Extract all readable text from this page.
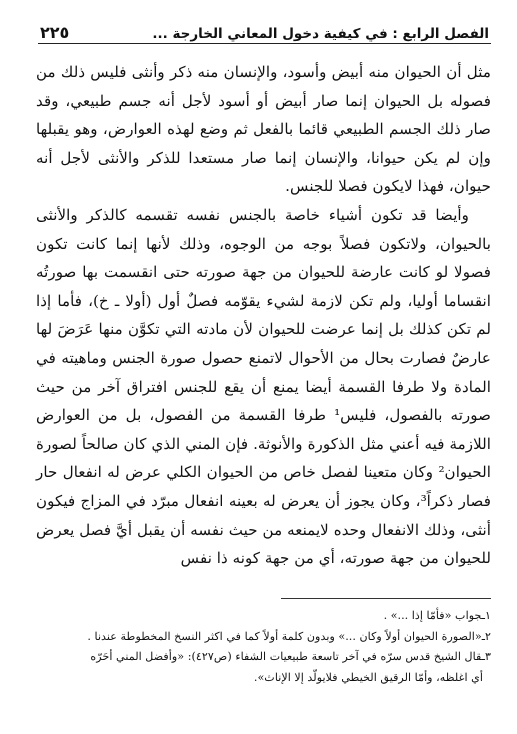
الفصل الرابع : في كيفية دخول المعاني الخارجة ...
٢٢٥

مثل أن الحيوان منه أبيض وأسود، والإنسان منه ذكر وأنثى فليس ذلك من فصوله بل الحيوان إنما صار أبيض أو أسود لأجل أنه جسم طبيعي، وقد صار ذلك الجسم الطبيعي قائما بالفعل ثم وضع لهذه العوارض، وهو يقبلها وإن لم يكن حيوانا، والإنسان إنما صار مستعدا للذكر والأنثى لأجل أنه حيوان، فهذا لايكون فصلا للجنس.

وأيضا قد تكون أشياء خاصة بالجنس نفسه تقسمه كالذكر والأنثى بالحيوان، ولاتكون فصلاً بوجه من الوجوه، وذلك لأنها إنما كانت تكون فصولا لو كانت عارضة للحيوان من جهة صورته حتى انقسمت بها صورتُه انقساما أوليا، ولم تكن لازمة لشيء يقوّمه فصلٌ أول (أولا ـ خ)، فأما إذا لم تكن كذلك بل إنما عرضت للحيوان لأن مادته التي تكوَّن منها عَرَضَ لها عارضٌ فصارت بحال من الأحوال لاتمنع حصول صورة الجنس وماهيته في المادة ولا طرفا القسمة أيضا يمنع أن يقع للجنس افتراق آخر من حيث صورته بالفصول، فليس¹ طرفا القسمة من الفصول، بل من العوارض اللازمة فيه أعني مثل الذكورة والأنوثة. فإن المني الذي كان صالحاً لصورة الحيوان² وكان متعينا لفصل خاص من الحيوان الكلي عرض له انفعال حار فصار ذكراً³، وكان يجوز أن يعرض له بعينه انفعال مبرّد في المزاج فيكون أنثى، وذلك الانفعال وحده لايمنعه من حيث نفسه أن يقبل أيَّ فصل يعرض للحيوان من جهة صورته، أي من جهة كونه ذا نفس

١ـجواب «فأمّا إذا ...» .
٢ـ«الصورة الحيوان أولاً وكان ...» وبدون كلمة أولاً كما في اكثر النسخ المخطوطة عندنا .
٣ـقال الشيخ قدس سرّه في آخر تاسعة طبيعيات الشفاء (ص٤٢٧): «وأفضل المني أحَرّه
أي اغلظه، وأمّا الرقيق الخيطي فلايولّد إلا الإناث».
